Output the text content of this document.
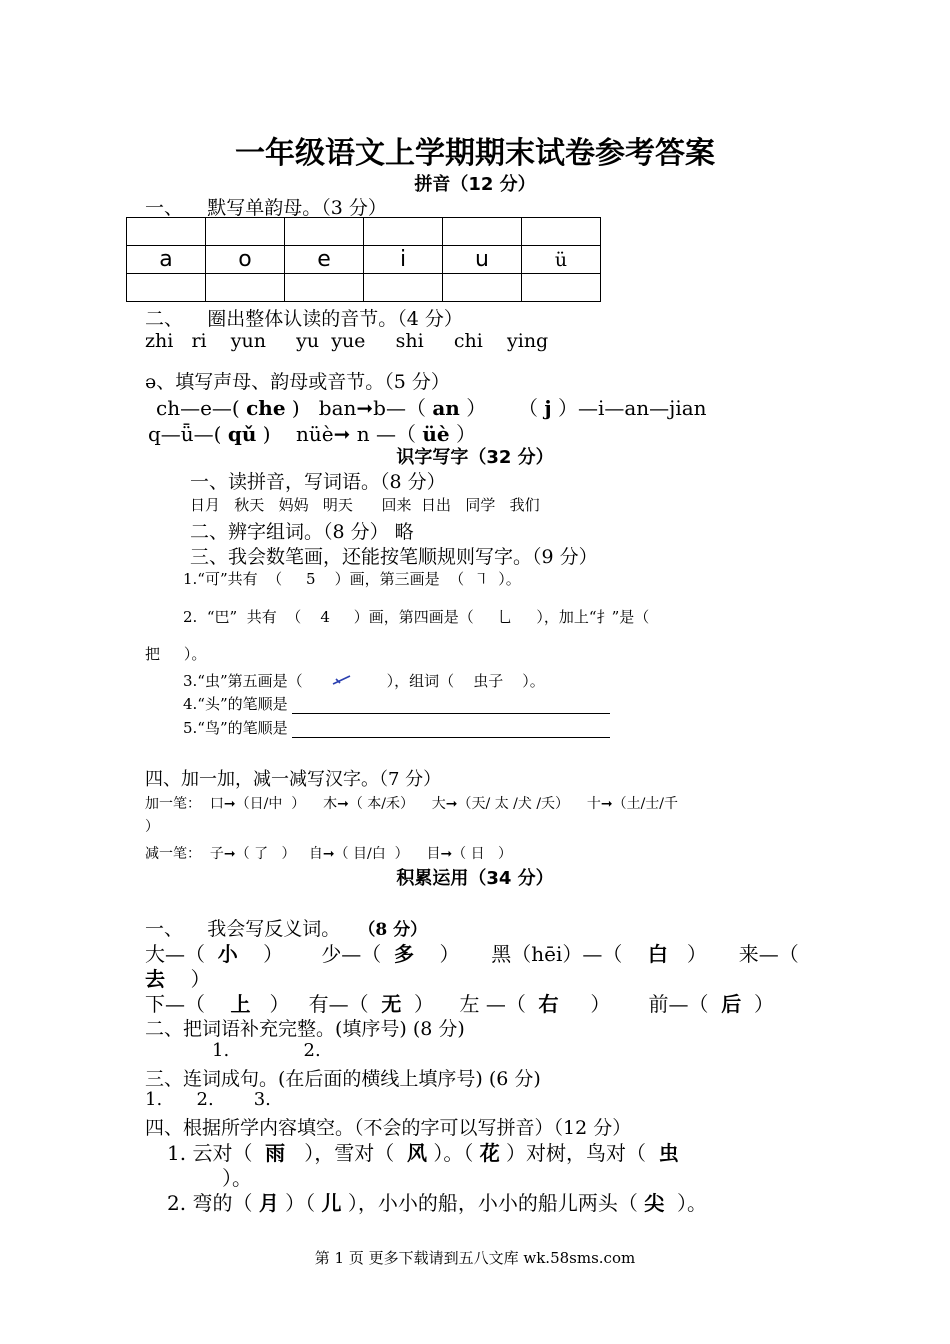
一年级语文上学期期末试卷参考答案
拼音（12 分）
一、 默写单韵母。（3 分）

a	o	e	i	u	ü

二、 圈出整体认读的音节。（4 分）
zhi   ri    yun     yu  yue     shi     chi    ying
ǝ、填写声母、韵母或音节。（5 分）
ch—e—( che )   ban➞b—（ an ）     （ j ）—i—an—jian
q—ǖ—( qǔ )    nüè➞ n —（ üè ）
识字写字（32 分）
一、读拼音，写词语。（8 分）
日月   秋天   妈妈   明天      回来  日出   同学   我们
二、辨字组词。（8 分） 略
三、我会数笔画，还能按笔顺规则写字。（9 分）
1.“可”共有  （     5    ）画，第三画是  （  ㇕  ）。
2.  “巴”  共有  （    4     ）画，第四画是（     乚     ），加上“扌”是（
把     ）。
3.“虫”第五画是（	），组词（    虫子    ）。
4.“头”的笔顺是
5.“鸟”的笔顺是
四、加一加，减一减写汉字。（7 分）
加一笔： 口➞（日/中  ） 木➞（ 本/禾） 大➞（天/ 太 /犬 /夭） 十➞（土/士/千
）
减一笔： 子➞（ 了   ） 自➞（ 目/白  ） 目➞（ 日   ）
积累运用（34 分）
一、 我会写反义词。 （8 分）
大—（ 小 ） 少—（ 多 ） 黑（hēi）—（ 白 ） 来—（
去 ）
下—（ 上 ） 有—（ 无 ） 左 —（ 右 ） 前—（ 后 ）
二、把词语补充完整。(填序号) (8 分)
1.             2.
三、连词成句。(在后面的横线上填序号) (6 分)
1.      2.       3.
四、根据所学内容填空。（不会的字可以写拼音）（12 分）
1. 云对（ 雨 ），雪对（ 风 ）。（ 花 ）对树，鸟对（ 虫
）。
2. 弯的（ 月 ）（ 儿 ），小小的船，小小的船儿两头（ 尖 ）。
第 1 页 更多下载请到五八文库 wk.58sms.com
